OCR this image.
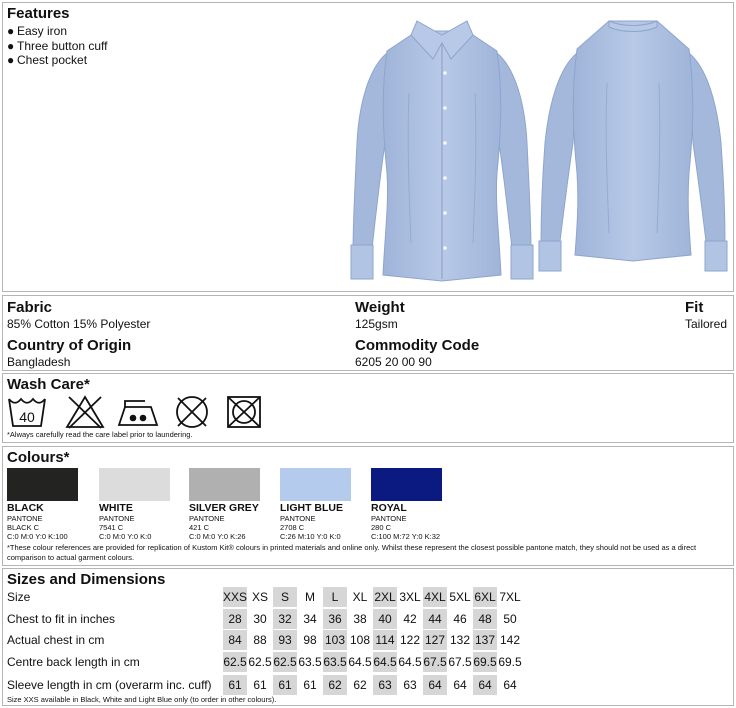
Features
● Easy iron
● Three button cuff
● Chest pocket
Fabric
85% Cotton 15% Polyester
Weight
125gsm
Fit
Tailored
Country of Origin
Bangladesh
Commodity Code
6205 20 00 90
Wash Care*
40
*Always carefully read the care label prior to laundering.
Colours*
BLACK
PANTONE
BLACK C
C:0 M:0 Y:0 K:100
WHITE
PANTONE
7541 C
C:0 M:0 Y:0 K:0
SILVER GREY
PANTONE
421 C
C:0 M:0 Y:0 K:26
LIGHT BLUE
PANTONE
2708 C
C:26 M:10 Y:0 K:0
ROYAL
PANTONE
280 C
C:100 M:72 Y:0 K:32
*These colour references are provided for replication of Kustom Kit® colours in printed materials and online only. Whilst these represent the closest possible pantone match, they should not be used as a direct comparison to actual garment colours.
Sizes and Dimensions
Size	XXS XS	S	M	L	XL 2XL 3XL 4XL 5XL 6XL 7XL
Chest to fit in inches	28 30 32 34 36 38 40 42 44 46 48 50
Actual chest in cm	84 88 93 98 103 108 114 122 127 132 137 142
Centre back length in cm	62.5 62.5 62.5 63.5 63.5 64.5 64.5 64.5 67.5 67.5 69.5 69.5
Sleeve length in cm (overarm inc. cuff)	61 61 61 61 62 62 63 63 64 64 64 64
Size XXS available in Black, White and Light Blue only (to order in other colours).
